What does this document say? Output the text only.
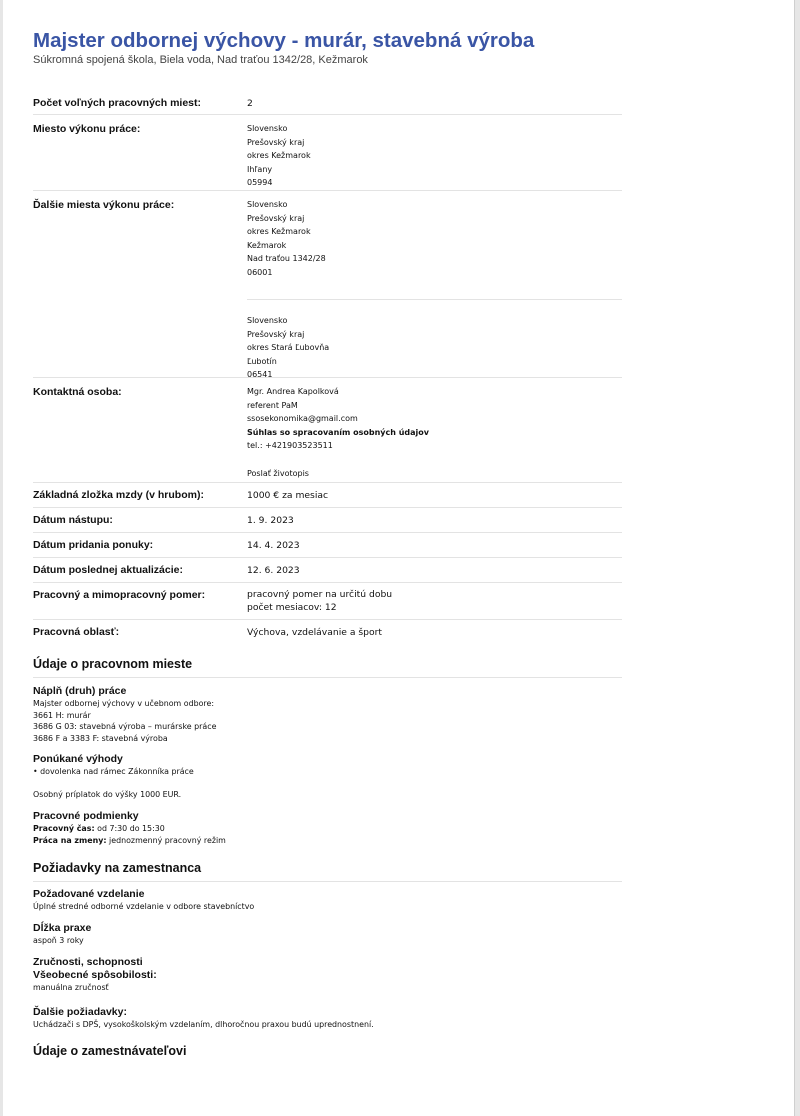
Majster odbornej výchovy - murár, stavebná výroba
Súkromná spojená škola, Biela voda, Nad traťou 1342/28, Kežmarok
Počet voľných pracovných miest:	2
Miesto výkonu práce:	Slovensko
Prešovský kraj
okres Kežmarok
Ihľany
05994
Ďalšie miesta výkonu práce:	Slovensko
Prešovský kraj
okres Kežmarok
Kežmarok
Nad traťou 1342/28
06001
Slovensko
Prešovský kraj
okres Stará Ľubovňa
Ľubotín
06541
Kontaktná osoba:	Mgr. Andrea Kapolková
referent PaM
ssosekonomika@gmail.com
Súhlas so spracovaním osobných údajov
tel.: +421903523511
Poslať životopis
Základná zložka mzdy (v hrubom):	1000 € za mesiac
Dátum nástupu:	1. 9. 2023
Dátum pridania ponuky:	14. 4. 2023
Dátum poslednej aktualizácie:	12. 6. 2023
Pracovný a mimopracovný pomer:	pracovný pomer na určitú dobu
počet mesiacov: 12
Pracovná oblasť:	Výchova, vzdelávanie a šport
Údaje o pracovnom mieste
Náplň (druh) práce
Majster odbornej výchovy v učebnom odbore:
3661 H: murár
3686 G 03: stavebná výroba – murárske práce
3686 F a 3383 F: stavebná výroba
Ponúkané výhody
• dovolenka nad rámec Zákonníka práce
Osobný príplatok do výšky 1000 EUR.
Pracovné podmienky
Pracovný čas: od 7:30 do 15:30
Práca na zmeny: jednozmenný pracovný režim
Požiadavky na zamestnanca
Požadované vzdelanie
Úplné stredné odborné vzdelanie v odbore stavebníctvo
Dĺžka praxe
aspoň 3 roky
Zručnosti, schopnosti
Všeobecné spôsobilosti:
manuálna zručnosť
Ďalšie požiadavky:
Uchádzači s DPŠ, vysokoškolským vzdelaním, dlhoročnou praxou budú uprednostnení.
Údaje o zamestnávateľovi
